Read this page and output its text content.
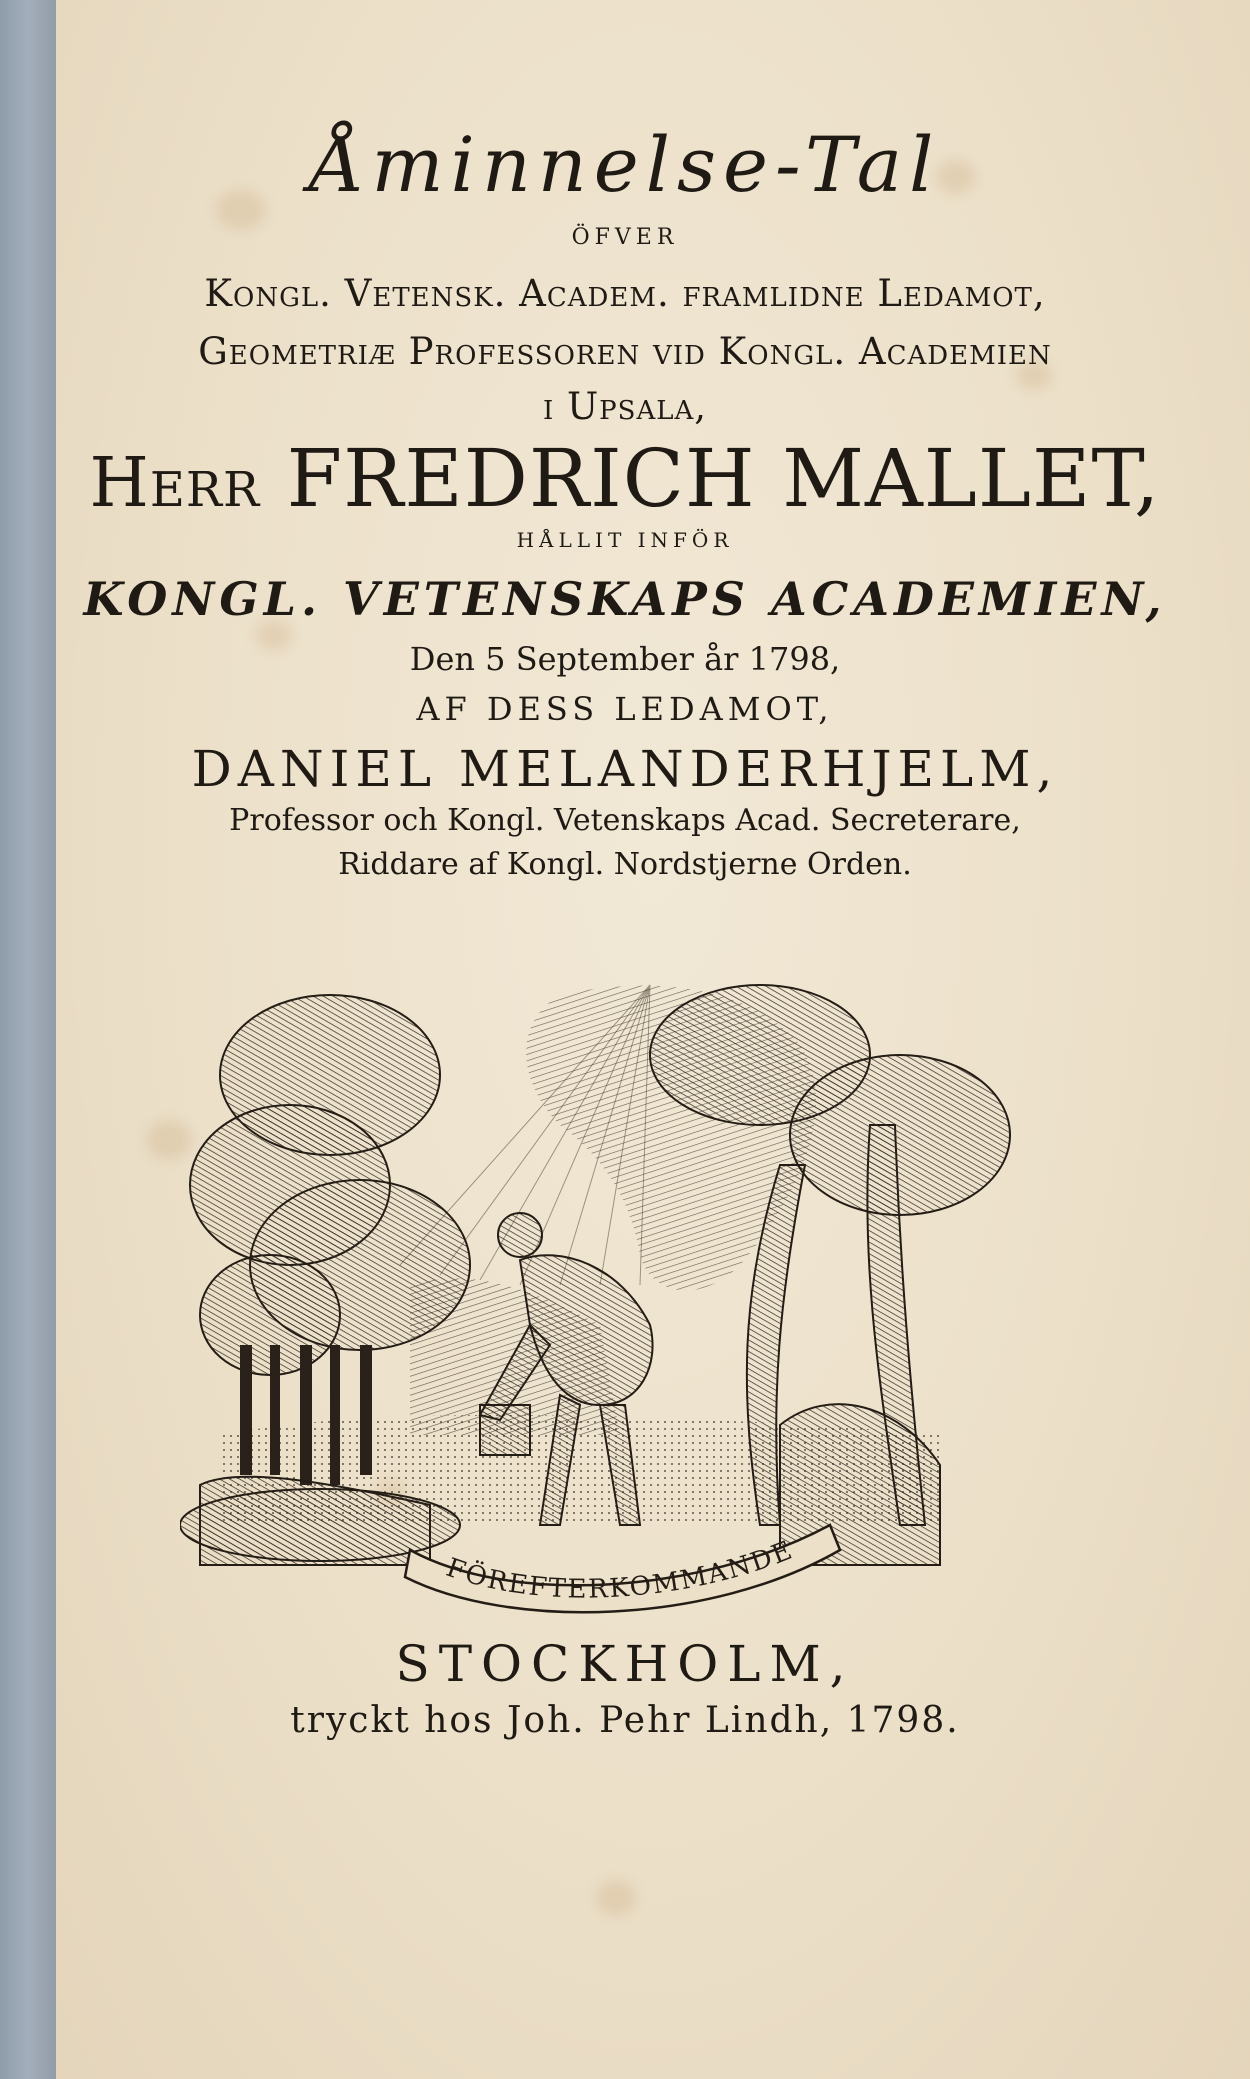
Åminnelse-Tal
ÖFVER
Kongl. Vetensk. Academ. framlidne Ledamot,
Geometriæ Professoren vid Kongl. Academien
i Upsala,
Herr FREDRICH MALLET,
HÅLLIT INFÖR
KONGL. VETENSKAPS ACADEMIEN,
Den 5 September år 1798,
AF DESS LEDAMOT,
DANIEL MELANDERHJELM,
Professor och Kongl. Vetenskaps Acad. Secreterare,
Riddare af Kongl. Nordstjerne Orden.
FÖREFTERKOMMANDE
STOCKHOLM,
tryckt hos Joh. Pehr Lindh, 1798.
